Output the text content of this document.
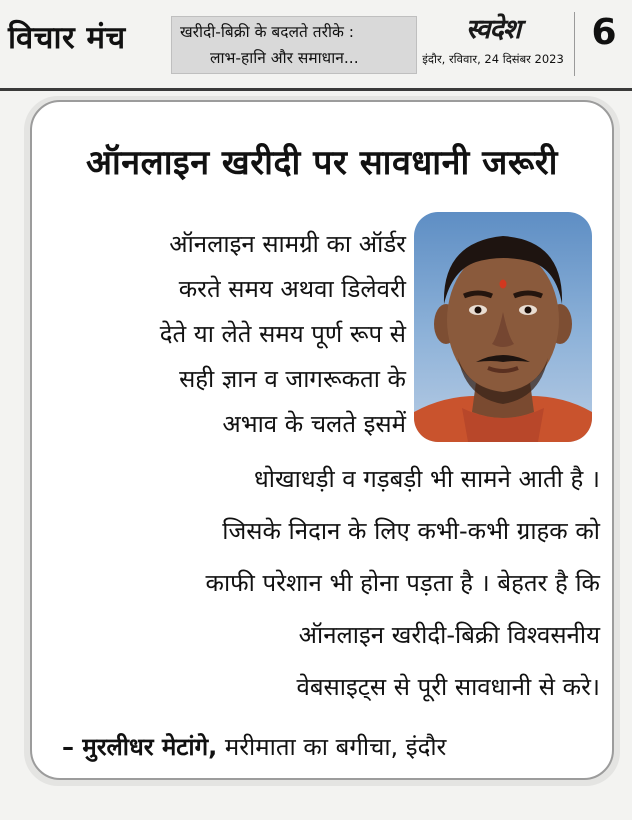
विचार मंच	खरीदी-बिक्री के बदलते तरीके :
लाभ-हानि और समाधान...
स्वदेश
इंदौर, रविवार, 24 दिसंबर 2023
6
ऑनलाइन खरीदी पर सावधानी जरूरी
ऑनलाइन सामग्री का ऑर्डर
करते समय अथवा डिलेवरी
देते या लेते समय पूर्ण रूप से
सही ज्ञान व जागरूकता के
अभाव के चलते इसमें
धोखाधड़ी व गड़बड़ी भी सामने आती है ।
जिसके निदान के लिए कभी-कभी ग्राहक को
काफी परेशान भी होना पड़ता है । बेहतर है कि
ऑनलाइन खरीदी-बिक्री विश्वसनीय
वेबसाइट्स से पूरी सावधानी से करे।
– मुरलीधर मेटांगे, मरीमाता का बगीचा, इंदौर
